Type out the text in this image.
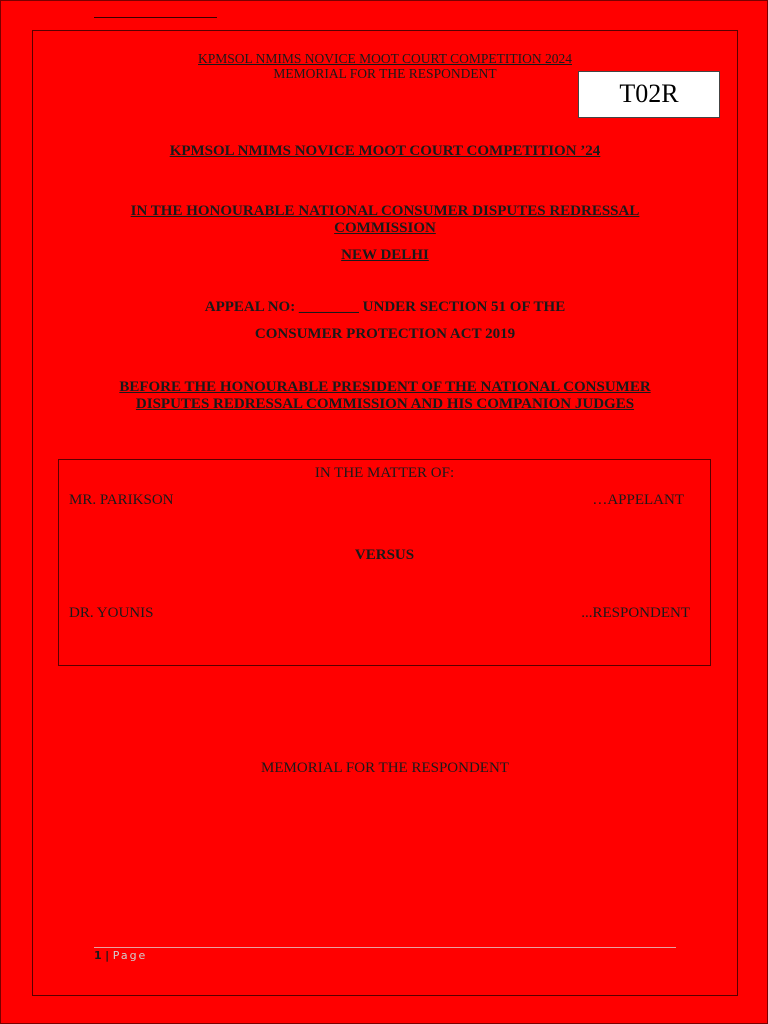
KPMSOL NMIMS NOVICE MOOT COURT COMPETITION 2024
MEMORIAL FOR THE RESPONDENT
T02R
KPMSOL NMIMS NOVICE MOOT COURT COMPETITION ’24
IN THE HONOURABLE NATIONAL CONSUMER DISPUTES REDRESSAL
COMMISSION
NEW DELHI
APPEAL NO: ________ UNDER SECTION 51 OF THE
CONSUMER PROTECTION ACT 2019
BEFORE THE HONOURABLE PRESIDENT OF THE NATIONAL CONSUMER
DISPUTES REDRESSAL COMMISSION AND HIS COMPANION JUDGES
IN THE MATTER OF:
MR. PARIKSON	…APPELANT
VERSUS
DR. YOUNIS	...RESPONDENT
MEMORIAL FOR THE RESPONDENT
1 | Page
